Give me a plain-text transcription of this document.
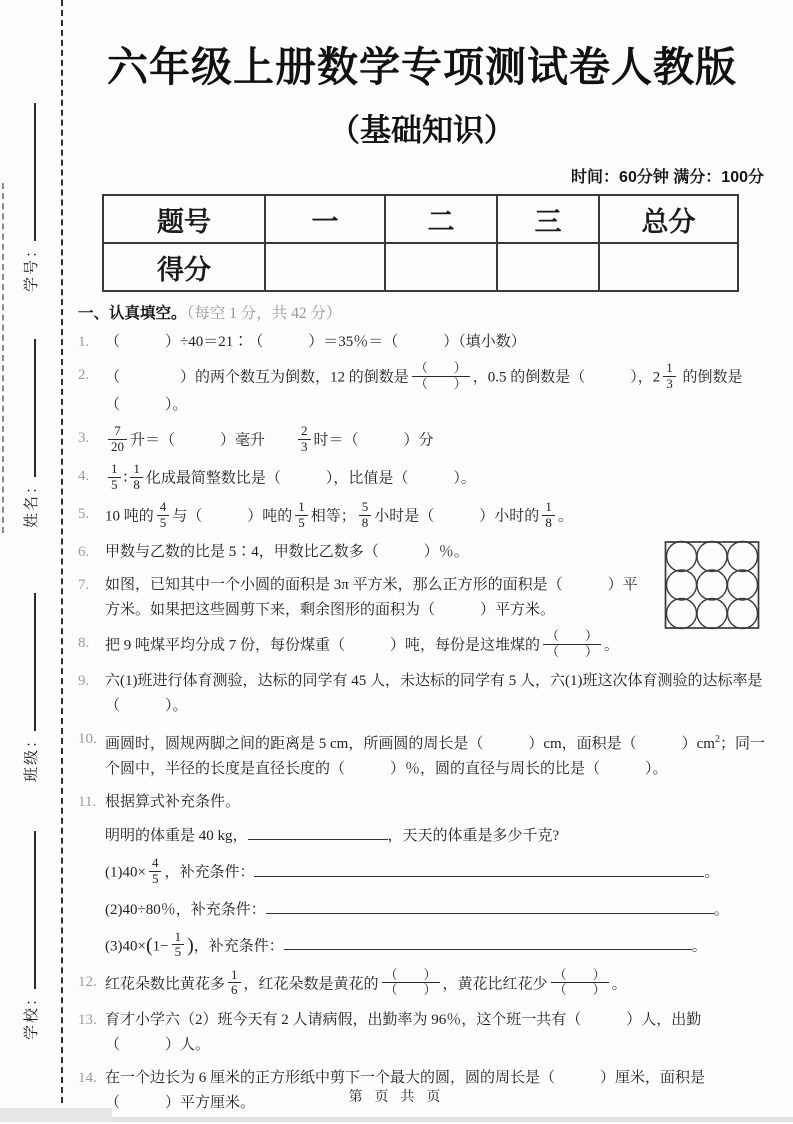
学号：
姓名：
班级：
学校：
六年级上册数学专项测试卷人教版
（基础知识）
时间：60分钟 满分：100分
题号	一	二	三	总分
得分				
一、认真填空。（每空 1 分，共 42 分）
1. （　　　）÷40＝21∶（　　　）＝35％＝（　　　）（填小数）
2. （　　　　）的两个数互为倒数，12 的倒数是 $\frac{( )}{( )}$ ，0.5 的倒数是（　　　），$2 \frac{1}{3}$ 的倒数是（　　　）。
3. $\frac{7}{20}$ 升＝（　　　）毫升　　 $\frac{2}{3}$ 时＝（　　　）分
4. $\frac{1}{5}$ ∶ $\frac{1}{8}$ 化成最简整数比是（　　　），比值是（　　　）。
5. 10 吨的 $\frac{4}{5}$ 与（　　　）吨的 $\frac{1}{5}$ 相等； $\frac{5}{8}$ 小时是（　　　）小时的 $\frac{1}{8}$ 。
6. 甲数与乙数的比是 5∶4，甲数比乙数多（　　　）％。
7. 如图，已知其中一个小圆的面积是 3π 平方米，那么正方形的面积是（　　　）平方米。如果把这些圆剪下来，剩余图形的面积为（　　　）平方米。
8. 把 9 吨煤平均分成 7 份，每份煤重（　　　）吨，每份是这堆煤的 $\frac{( )}{( )}$ 。
9. 六(1)班进行体育测验，达标的同学有 45 人，未达标的同学有 5 人，六(1)班这次体育测验的达标率是（　　　）。
10. 画圆时，圆规两脚之间的距离是 5 cm，所画圆的周长是（　　　）cm，面积是（　　　）$cm^2$；同一个圆中，半径的长度是直径长度的（　　　）％，圆的直径与周长的比是（　　　）。
11. 根据算式补充条件。
明明的体重是 40 kg，	，天天的体重是多少千克?
$(1)40\times \frac{4}{5}$ ，补充条件：	。
(2)40÷80％，补充条件：	。
$(3)40\times(1- \frac{1}{5}$ )，补充条件：	。
12. 红花朵数比黄花多 $\frac{1}{6}$ ，红花朵数是黄花的 $\frac{( )}{( )}$ ，黄花比红花少 $\frac{( )}{( )}$ 。
13. 育才小学六（2）班今天有 2 人请病假，出勤率为 96％，这个班一共有（　　　）人，出勤（　　　）人。
14. 在一个边长为 6 厘米的正方形纸中剪下一个最大的圆，圆的周长是（　　　）厘米，面积是（　　　）平方厘米。	第 页 共 页
